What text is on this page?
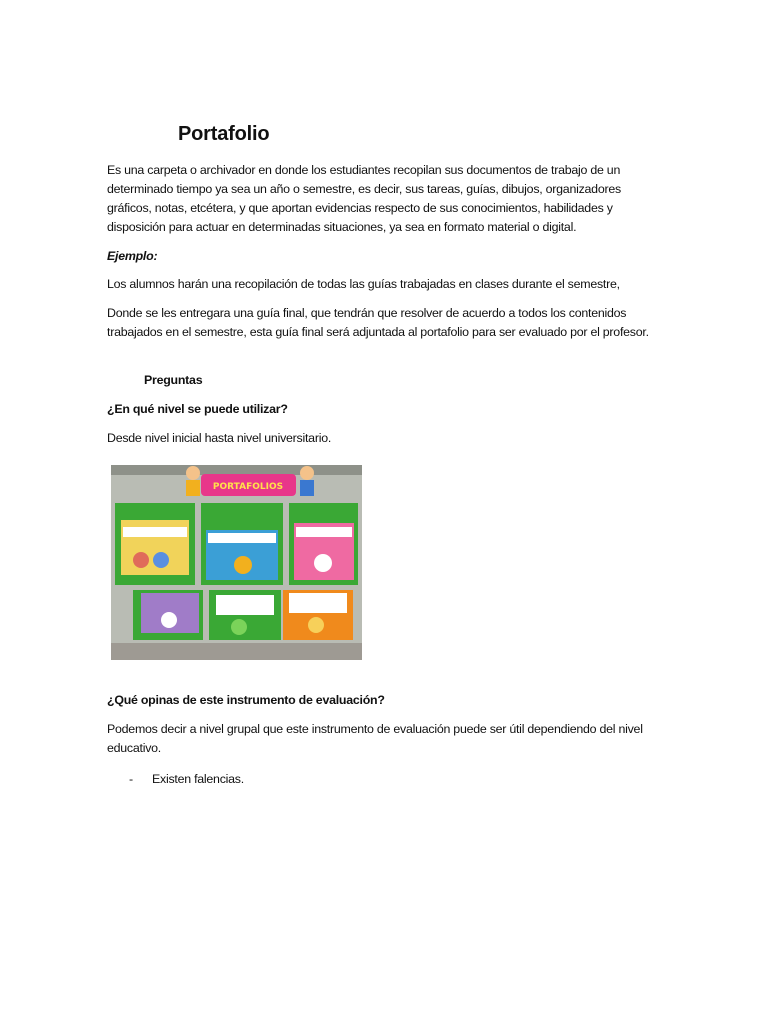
Portafolio
Es una carpeta o archivador en donde los estudiantes recopilan sus documentos de trabajo de un determinado tiempo ya sea un año o semestre, es decir, sus tareas, guías, dibujos, organizadores gráficos, notas, etcétera, y que aportan evidencias respecto de sus conocimientos, habilidades y disposición para actuar en determinadas situaciones, ya sea en formato material o digital.
Ejemplo:
Los alumnos harán una recopilación de todas las guías trabajadas en clases durante el semestre,
Donde se les entregara una guía final, que tendrán que resolver de acuerdo a todos los contenidos trabajados en el semestre, esta guía final será adjuntada al portafolio para ser evaluado por el profesor.
Preguntas
¿En qué nivel se puede utilizar?
Desde nivel inicial hasta nivel universitario.
PORTAFOLIOS
¿Qué opinas de este instrumento de evaluación?
Podemos decir a nivel grupal que este instrumento de evaluación puede ser útil dependiendo del nivel educativo.
- Existen falencias.
